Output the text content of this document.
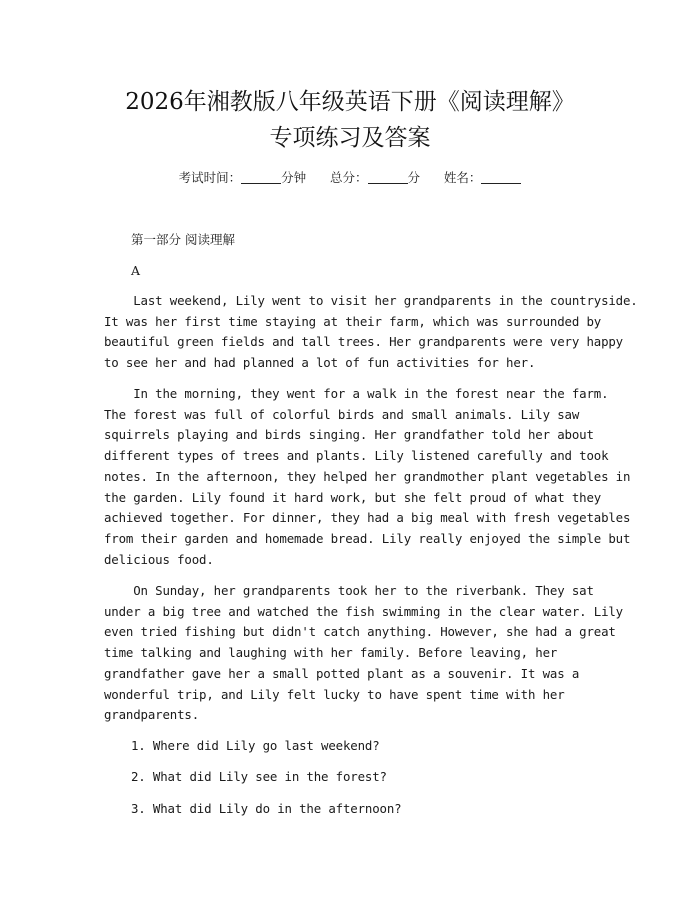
2026年湘教版八年级英语下册《阅读理解》
专项练习及答案
考试时间：	分钟 总分：	分 姓名：
第一部分 阅读理解
A
Last weekend, Lily went to visit her grandparents in the countryside.
It was her first time staying at their farm, which was surrounded by
beautiful green fields and tall trees. Her grandparents were very happy
to see her and had planned a lot of fun activities for her.
In the morning, they went for a walk in the forest near the farm.
The forest was full of colorful birds and small animals. Lily saw
squirrels playing and birds singing. Her grandfather told her about
different types of trees and plants. Lily listened carefully and took
notes. In the afternoon, they helped her grandmother plant vegetables in
the garden. Lily found it hard work, but she felt proud of what they
achieved together. For dinner, they had a big meal with fresh vegetables
from their garden and homemade bread. Lily really enjoyed the simple but
delicious food.
On Sunday, her grandparents took her to the riverbank. They sat
under a big tree and watched the fish swimming in the clear water. Lily
even tried fishing but didn't catch anything. However, she had a great
time talking and laughing with her family. Before leaving, her
grandfather gave her a small potted plant as a souvenir. It was a
wonderful trip, and Lily felt lucky to have spent time with her
grandparents.
1. Where did Lily go last weekend?
2. What did Lily see in the forest?
3. What did Lily do in the afternoon?
